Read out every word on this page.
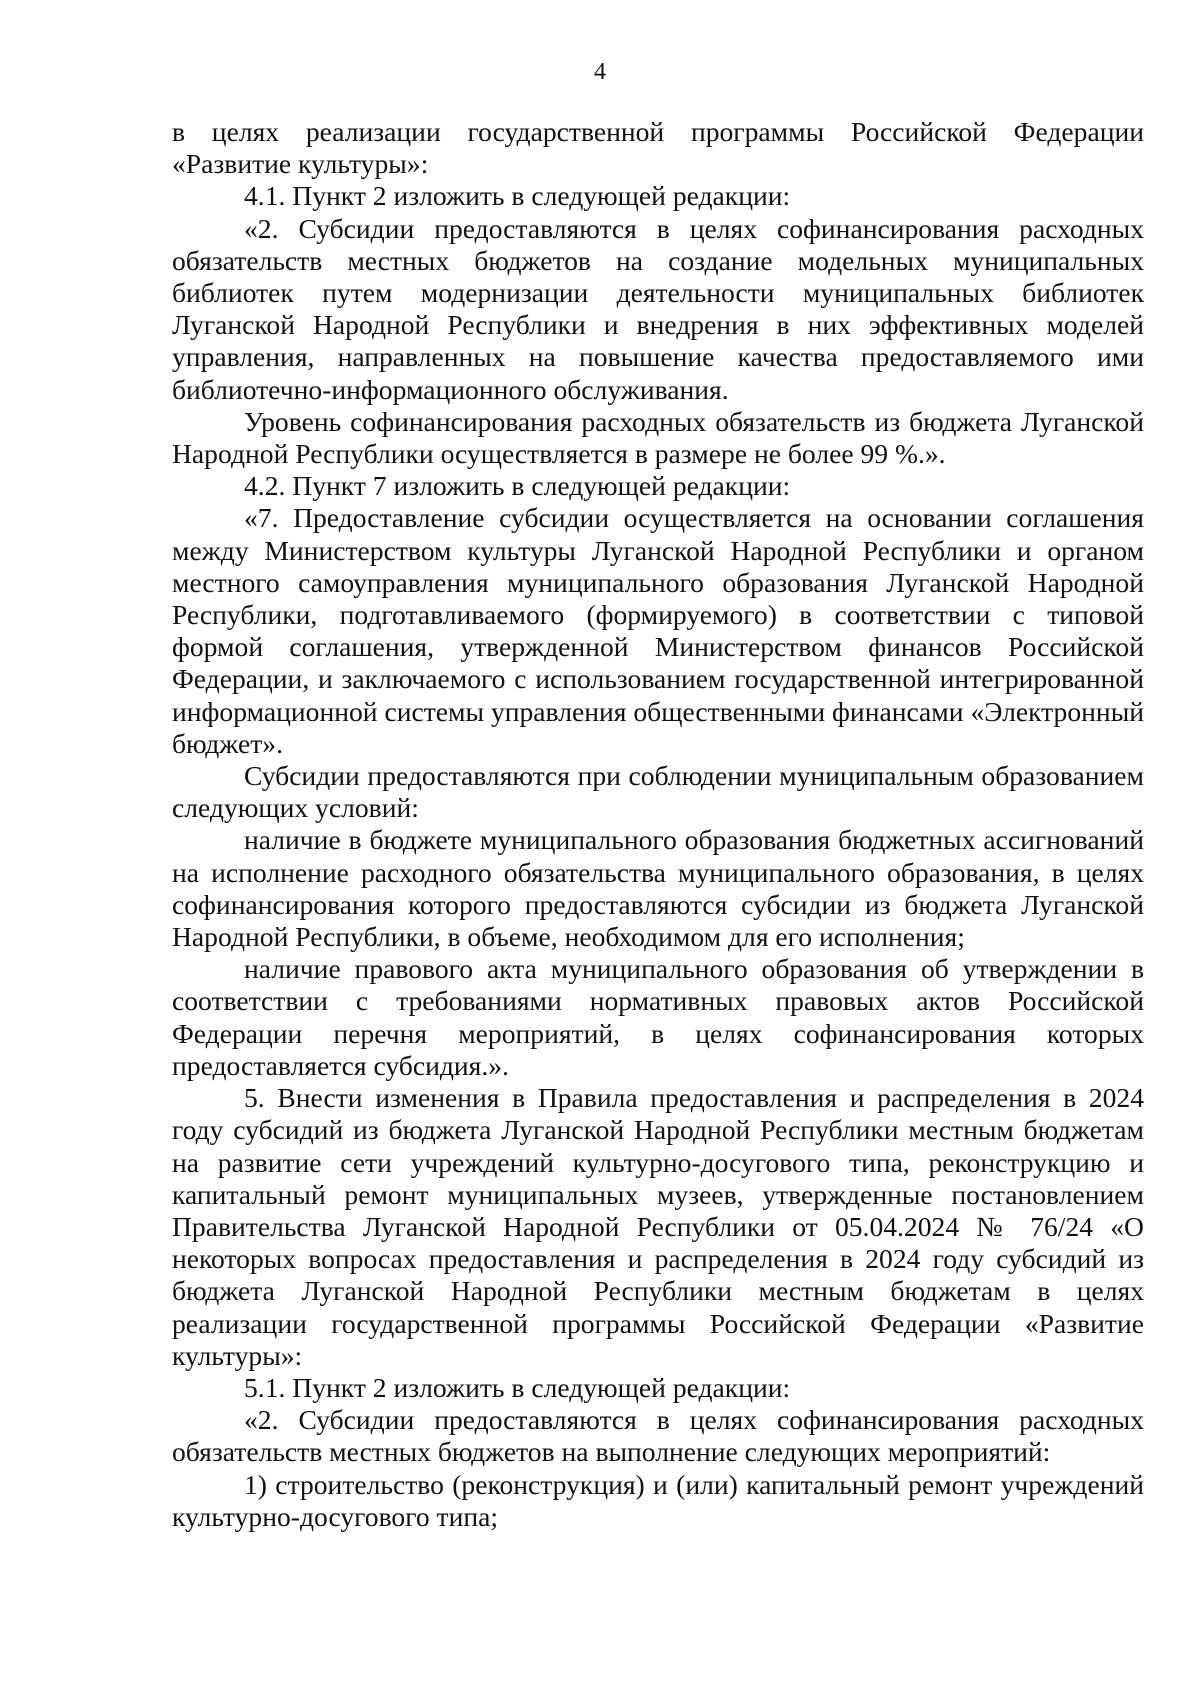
4

в целях реализации государственной программы Российской Федерации «Развитие культуры»:

4.1. Пункт 2 изложить в следующей редакции:

«2. Субсидии предоставляются в целях софинансирования расходных обязательств местных бюджетов на создание модельных муниципальных библиотек путем модернизации деятельности муниципальных библиотек Луганской Народной Республики и внедрения в них эффективных моделей управления, направленных на повышение качества предоставляемого ими библиотечно-информационного обслуживания.

Уровень софинансирования расходных обязательств из бюджета Луганской Народной Республики осуществляется в размере не более 99 %.».

4.2. Пункт 7 изложить в следующей редакции:

«7. Предоставление субсидии осуществляется на основании соглашения между Министерством культуры Луганской Народной Республики и органом местного самоуправления муниципального образования Луганской Народной Республики, подготавливаемого (формируемого) в соответствии с типовой формой соглашения, утвержденной Министерством финансов Российской Федерации, и заключаемого с использованием государственной интегрированной информационной системы управления общественными финансами «Электронный бюджет».

Субсидии предоставляются при соблюдении муниципальным образованием следующих условий:

наличие в бюджете муниципального образования бюджетных ассигнований на исполнение расходного обязательства муниципального образования, в целях софинансирования которого предоставляются субсидии из бюджета Луганской Народной Республики, в объеме, необходимом для его исполнения;

наличие правового акта муниципального образования об утверждении в соответствии с требованиями нормативных правовых актов Российской Федерации перечня мероприятий, в целях софинансирования которых предоставляется субсидия.».

5. Внести изменения в Правила предоставления и распределения в 2024 году субсидий из бюджета Луганской Народной Республики местным бюджетам на развитие сети учреждений культурно-досугового типа, реконструкцию и капитальный ремонт муниципальных музеев, утвержденные постановлением Правительства Луганской Народной Республики от 05.04.2024 № 76/24 «О некоторых вопросах предоставления и распределения в 2024 году субсидий из бюджета Луганской Народной Республики местным бюджетам в целях реализации государственной программы Российской Федерации «Развитие культуры»:

5.1. Пункт 2 изложить в следующей редакции:

«2. Субсидии предоставляются в целях софинансирования расходных обязательств местных бюджетов на выполнение следующих мероприятий:

1) строительство (реконструкция) и (или) капитальный ремонт учреждений культурно-досугового типа;
